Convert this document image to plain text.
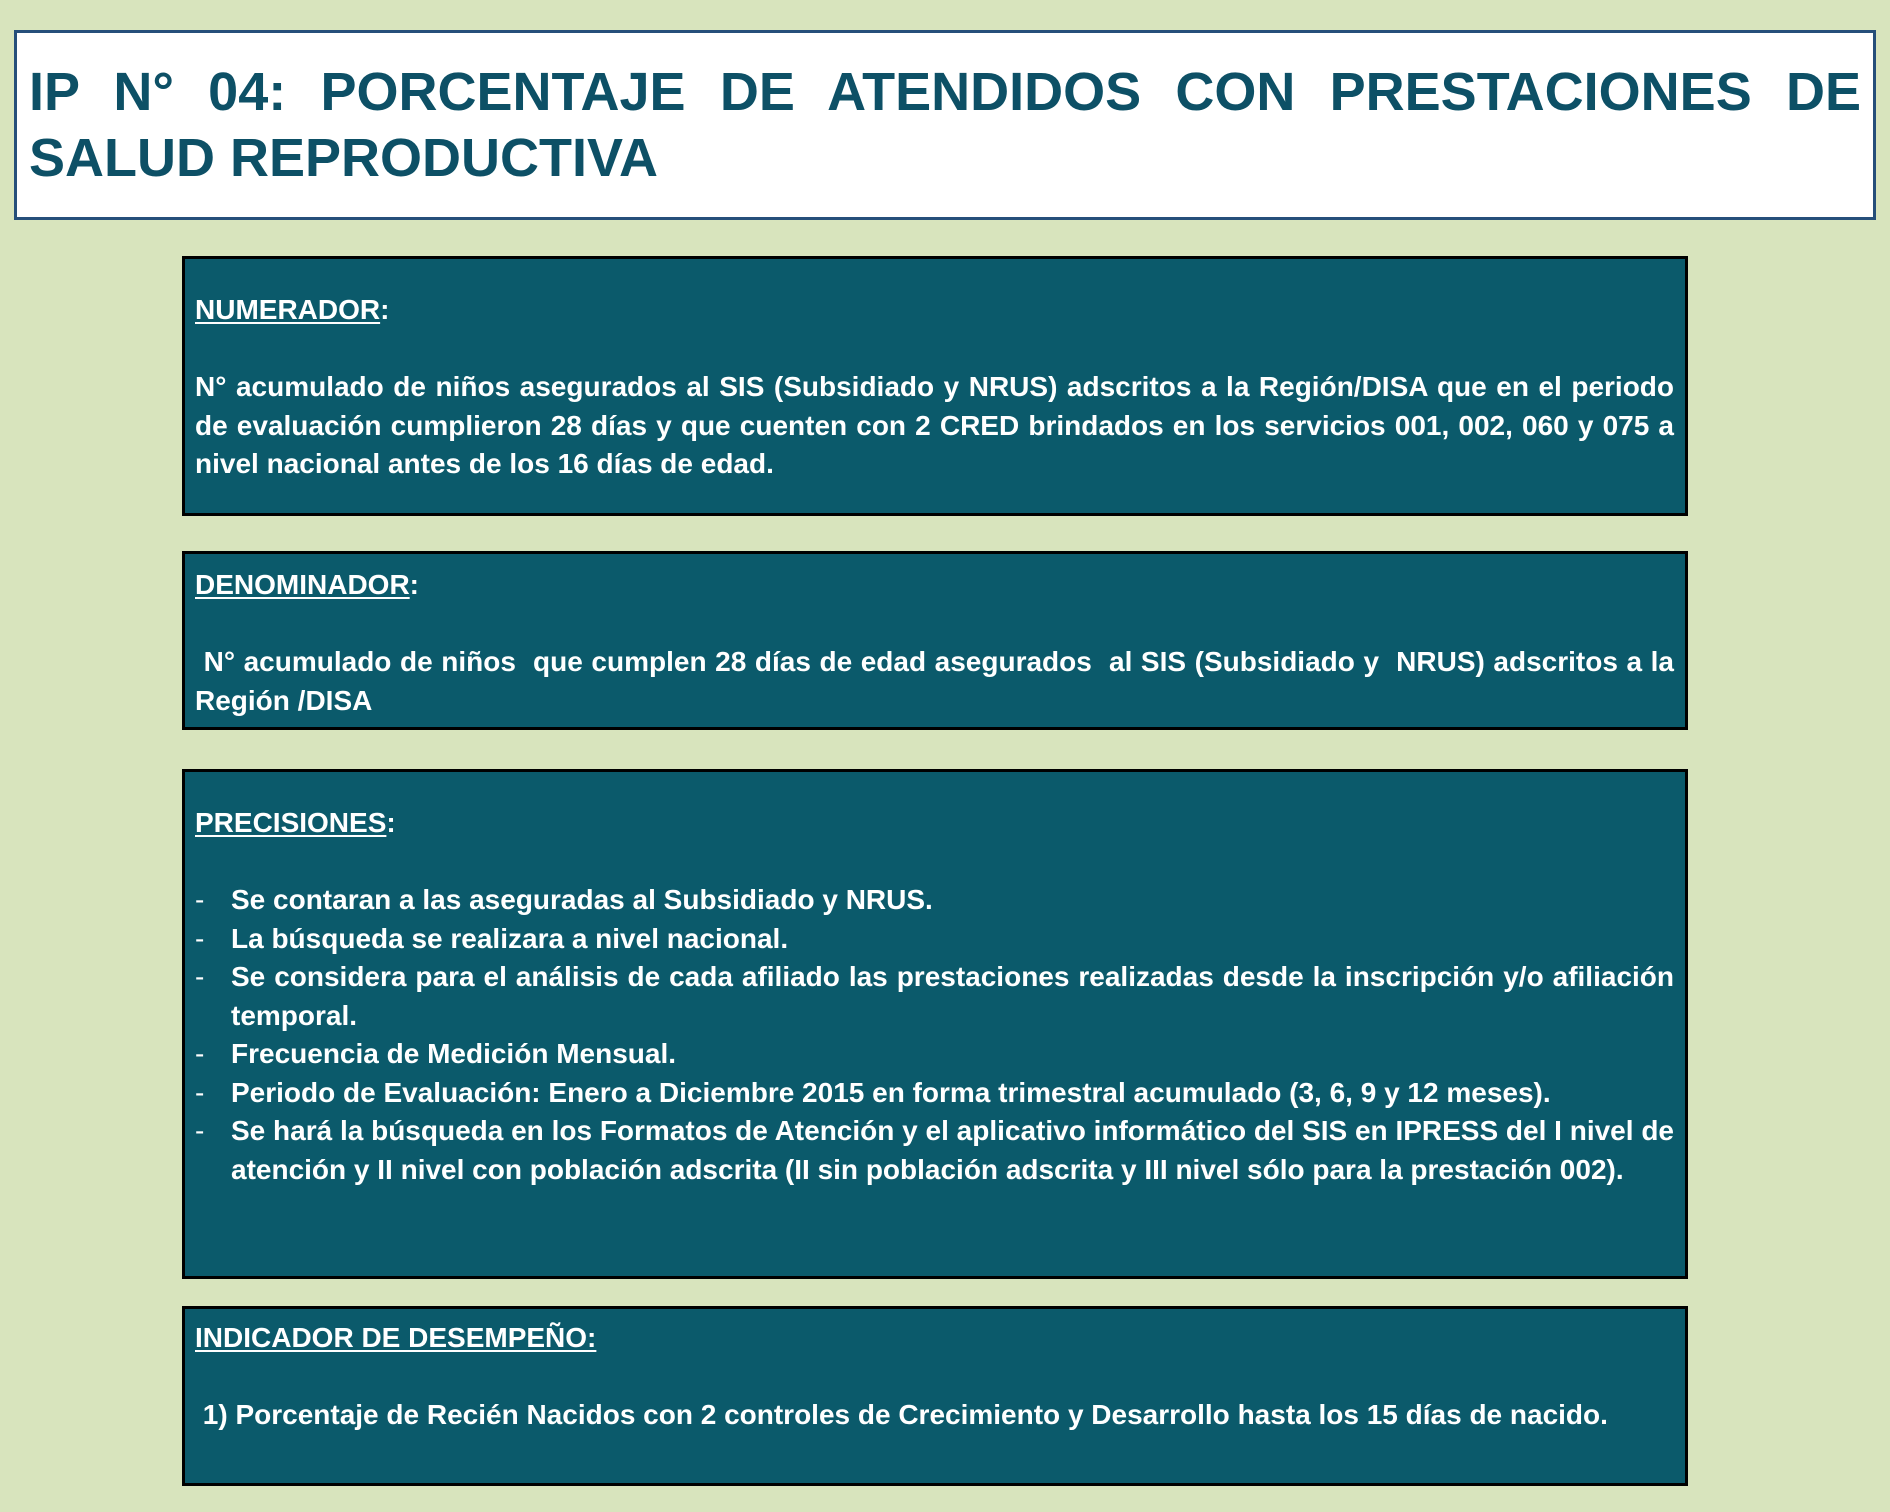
IP N° 04: PORCENTAJE DE ATENDIDOS CON PRESTACIONES DE SALUD REPRODUCTIVA
NUMERADOR:
N° acumulado de niños asegurados al SIS (Subsidiado y NRUS) adscritos a la Región/DISA que en el periodo de evaluación cumplieron 28 días y que cuenten con 2 CRED brindados en los servicios 001, 002, 060 y 075 a nivel nacional antes de los 16 días de edad.
DENOMINADOR:
N° acumulado de niños  que cumplen 28 días de edad asegurados  al SIS (Subsidiado y  NRUS) adscritos a la Región /DISA
PRECISIONES:
- Se contaran a las aseguradas al Subsidiado y NRUS.
- La búsqueda se realizara a nivel nacional.
- Se considera para el análisis de cada afiliado las prestaciones realizadas desde la inscripción y/o afiliación temporal.
- Frecuencia de Medición Mensual.
- Periodo de Evaluación: Enero a Diciembre 2015 en forma trimestral acumulado (3, 6, 9 y 12 meses).
- Se hará la búsqueda en los Formatos de Atención y el aplicativo informático del SIS en IPRESS del I nivel de atención y II nivel con población adscrita (II sin población adscrita y III nivel sólo para la prestación 002).
INDICADOR DE DESEMPEÑO:
1) Porcentaje de Recién Nacidos con 2 controles de Crecimiento y Desarrollo hasta los 15 días de nacido.
